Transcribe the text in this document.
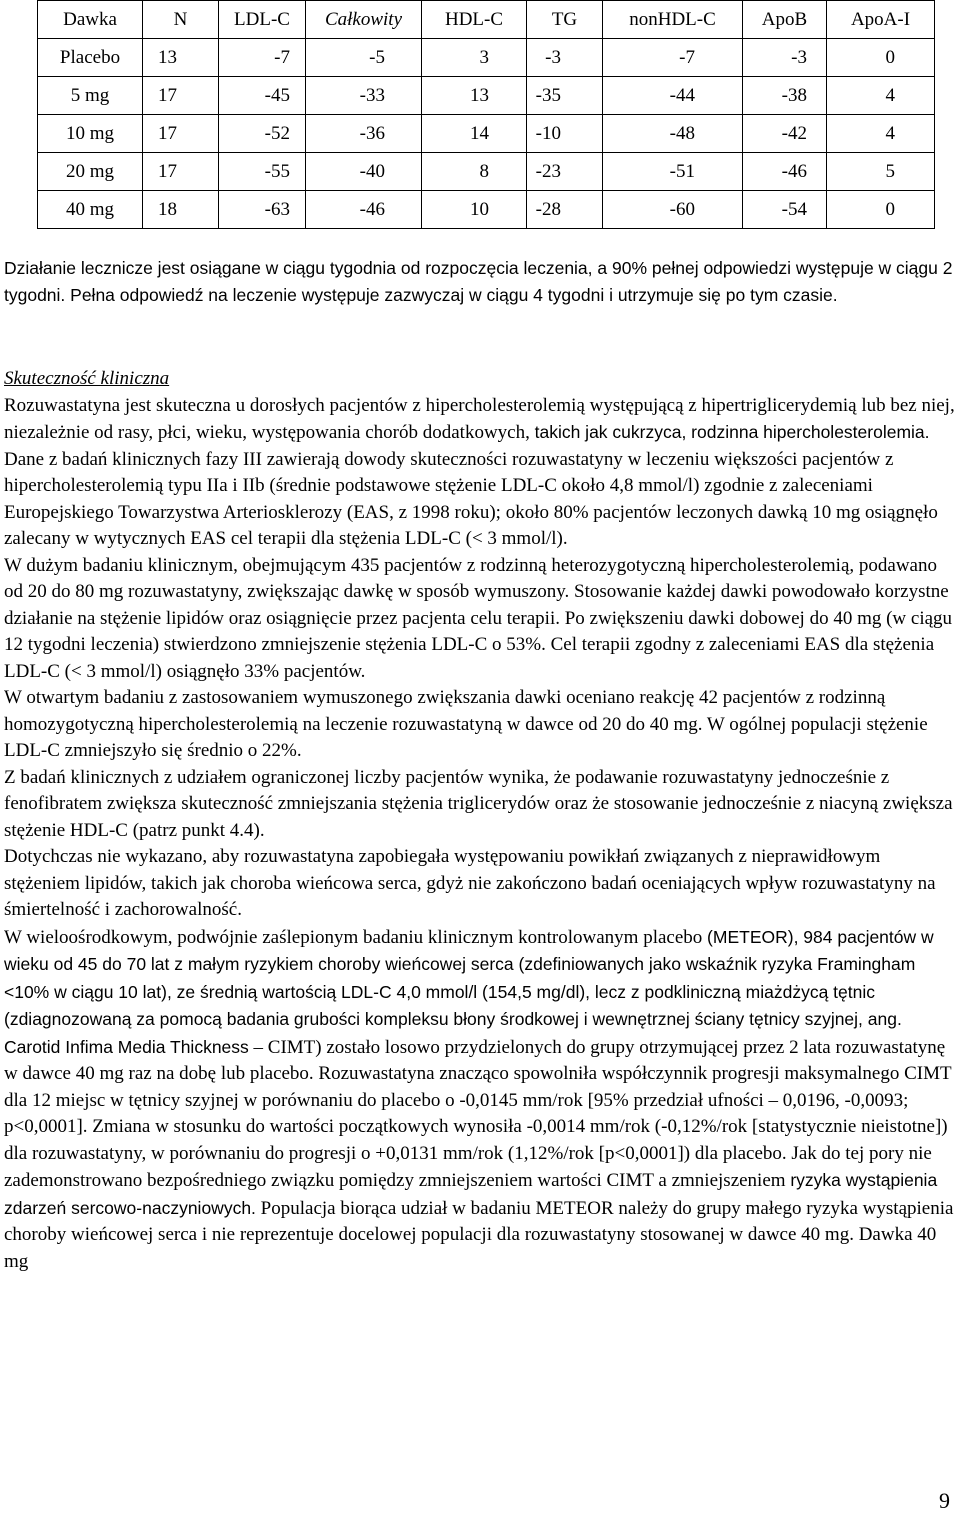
Dawka	N	LDL-C	Całkowity	HDL-C	TG	nonHDL-C	ApoB	ApoA-I
Placebo	13	-7	-5	3	-3	-7	-3	0
5 mg	17	-45	-33	13	-35	-44	-38	4
10 mg	17	-52	-36	14	-10	-48	-42	4
20 mg	17	-55	-40	8	-23	-51	-46	5
40 mg	18	-63	-46	10	-28	-60	-54	0
Działanie lecznicze jest osiągane w ciągu tygodnia od rozpoczęcia leczenia, a 90% pełnej odpowiedzi występuje w ciągu 2 tygodni. Pełna odpowiedź na leczenie występuje zazwyczaj w ciągu 4 tygodni i utrzymuje się po tym czasie.

Skuteczność kliniczna

Rozuwastatyna jest skuteczna u dorosłych pacjentów z hipercholesterolemią występującą z hipertriglicerydemią lub bez niej, niezależnie od rasy, płci, wieku, występowania chorób dodatkowych, takich jak cukrzyca, rodzinna hipercholesterolemia.

Dane z badań klinicznych fazy III zawierają dowody skuteczności rozuwastatyny w leczeniu większości pacjentów z hipercholesterolemią typu IIa i IIb (średnie podstawowe stężenie LDL-C około 4,8 mmol/l) zgodnie z zaleceniami Europejskiego Towarzystwa Arteriosklerozy (EAS, z 1998 roku); około 80% pacjentów leczonych dawką 10 mg osiągnęło zalecany w wytycznych EAS cel terapii dla stężenia LDL-C (< 3 mmol/l).

W dużym badaniu klinicznym, obejmującym 435 pacjentów z rodzinną heterozygotyczną hipercholesterolemią, podawano od 20 do 80 mg rozuwastatyny, zwiększając dawkę w sposób wymuszony. Stosowanie każdej dawki powodowało korzystne działanie na stężenie lipidów oraz osiągnięcie przez pacjenta celu terapii. Po zwiększeniu dawki dobowej do 40 mg (w ciągu 12 tygodni leczenia) stwierdzono zmniejszenie stężenia LDL-C o 53%. Cel terapii zgodny z zaleceniami EAS dla stężenia LDL-C (< 3 mmol/l) osiągnęło 33% pacjentów.

W otwartym badaniu z zastosowaniem wymuszonego zwiększania dawki oceniano reakcję 42 pacjentów z rodzinną homozygotyczną hipercholesterolemią na leczenie rozuwastatyną w dawce od 20 do 40 mg. W ogólnej populacji stężenie LDL-C zmniejszyło się średnio o 22%.

Z badań klinicznych z udziałem ograniczonej liczby pacjentów wynika, że podawanie rozuwastatyny jednocześnie z fenofibratem zwiększa skuteczność zmniejszania stężenia triglicerydów oraz że stosowanie jednocześnie z niacyną zwiększa stężenie HDL-C (patrz punkt 4.4).

Dotychczas nie wykazano, aby rozuwastatyna zapobiegała występowaniu powikłań związanych z nieprawidłowym stężeniem lipidów, takich jak choroba wieńcowa serca, gdyż nie zakończono badań oceniających wpływ rozuwastatyny na śmiertelność i zachorowalność.

W wieloośrodkowym, podwójnie zaślepionym badaniu klinicznym kontrolowanym placebo (METEOR), 984 pacjentów w wieku od 45 do 70 lat z małym ryzykiem choroby wieńcowej serca (zdefiniowanych jako wskaźnik ryzyka Framingham <10% w ciągu 10 lat), ze średnią wartością LDL-C 4,0 mmol/l (154,5 mg/dl), lecz z podkliniczną miażdżycą tętnic (zdiagnozowaną za pomocą badania grubości kompleksu błony środkowej i wewnętrznej ściany tętnicy szyjnej, ang. Carotid Infima Media Thickness – CIMT) zostało losowo przydzielonych do grupy otrzymującej przez 2 lata rozuwastatynę w dawce 40 mg raz na dobę lub placebo. Rozuwastatyna znacząco spowolniła współczynnik progresji maksymalnego CIMT dla 12 miejsc w tętnicy szyjnej w porównaniu do placebo o -0,0145 mm/rok [95% przedział ufności – 0,0196, -0,0093; p<0,0001]. Zmiana w stosunku do wartości początkowych wynosiła -0,0014 mm/rok (-0,12%/rok [statystycznie nieistotne]) dla rozuwastatyny, w porównaniu do progresji o +0,0131 mm/rok (1,12%/rok [p<0,0001]) dla placebo. Jak do tej pory nie zademonstrowano bezpośredniego związku pomiędzy zmniejszeniem wartości CIMT a zmniejszeniem ryzyka wystąpienia zdarzeń sercowo-naczyniowych. Populacja biorąca udział w badaniu METEOR należy do grupy małego ryzyka wystąpienia choroby wieńcowej serca i nie reprezentuje docelowej populacji dla rozuwastatyny stosowanej w dawce 40 mg. Dawka 40 mg

9
